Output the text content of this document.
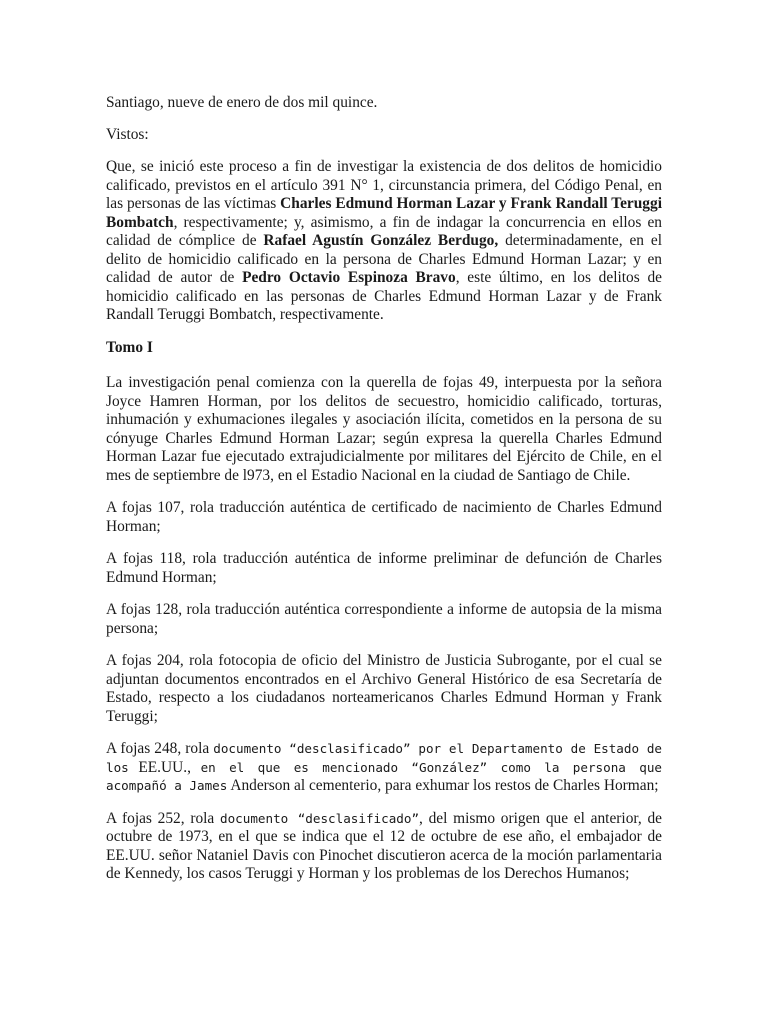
Santiago, nueve de enero de dos mil quince.

Vistos:

Que, se inició este proceso a fin de investigar la existencia de dos delitos de homicidio calificado, previstos en el artículo 391 N° 1, circunstancia primera, del Código Penal, en las personas de las víctimas Charles Edmund Horman Lazar y Frank Randall Teruggi Bombatch, respectivamente; y, asimismo, a fin de indagar la concurrencia en ellos en calidad de cómplice de Rafael Agustín González Berdugo, determinadamente, en el delito de homicidio calificado en la persona de Charles Edmund Horman Lazar; y en calidad de autor de Pedro Octavio Espinoza Bravo, este último, en los delitos de homicidio calificado en las personas de Charles Edmund Horman Lazar y de Frank Randall Teruggi Bombatch, respectivamente.

Tomo I

La investigación penal comienza con la querella de fojas 49, interpuesta por la señora Joyce Hamren Horman, por los delitos de secuestro, homicidio calificado, torturas, inhumación y exhumaciones ilegales y asociación ilícita, cometidos en la persona de su cónyuge Charles Edmund Horman Lazar; según expresa la querella Charles Edmund Horman Lazar fue ejecutado extrajudicialmente por militares del Ejército de Chile, en el mes de septiembre de l973, en el Estadio Nacional en la ciudad de Santiago de Chile.

A fojas 107, rola traducción auténtica de certificado de nacimiento de Charles Edmund Horman;

A fojas 118, rola traducción auténtica de informe preliminar de defunción de Charles Edmund Horman;

A fojas 128, rola traducción auténtica correspondiente a informe de autopsia de la misma persona;

A fojas 204, rola fotocopia de oficio del Ministro de Justicia Subrogante, por el cual se adjuntan documentos encontrados en el Archivo General Histórico de esa Secretaría de Estado, respecto a los ciudadanos norteamericanos Charles Edmund Horman y Frank Teruggi;

A fojas 248, rola documento “desclasificado” por el Departamento de Estado de los EE.UU., en el que es mencionado “González” como la persona que acompañó a James Anderson al cementerio, para exhumar los restos de Charles Horman;

A fojas 252, rola documento “desclasificado”, del mismo origen que el anterior, de octubre de 1973, en el que se indica que el 12 de octubre de ese año, el embajador de EE.UU. señor Nataniel Davis con Pinochet discutieron acerca de la moción parlamentaria de Kennedy, los casos Teruggi y Horman y los problemas de los Derechos Humanos;
